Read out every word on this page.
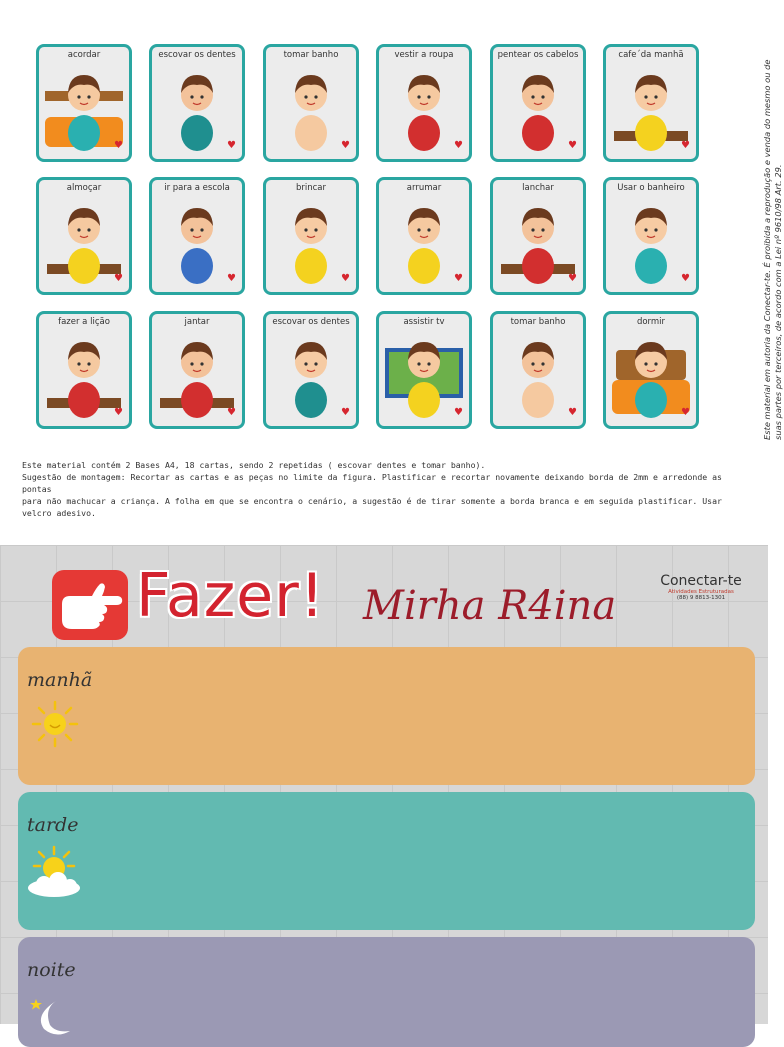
acordar
♥
escovar os dentes
♥
tomar banho
♥
vestir a roupa
♥
pentear os cabelos
♥
cafe´da manhã
♥
almoçar
♥
ir para a escola
♥
brincar
♥
arrumar
♥
lanchar
♥
Usar o banheiro
♥
fazer a lição
♥
jantar
♥
escovar os dentes
♥
assistir tv
♥
tomar banho
♥
dormir
♥

Este material contém 2 Bases A4, 18 cartas, sendo 2 repetidas ( escovar dentes e tomar banho).

Sugestão de montagem: Recortar as cartas e as peças no limite da figura. Plastificar e recortar novamente deixando borda de 2mm e arredonde as pontas

para não machucar a criança. A folha em que se encontra o cenário, a sugestão é de tirar somente a borda branca e em seguida plastificar. Usar velcro adesivo.

Este material em autoria da Conectar-te. É proibida a reprodução e venda do mesmo ou de suas partes por terceiros, de acordo com a Lei nº 9610/98 Art. 29.
Fazer! Mirha R4ina
Conectar-te
Atividades Estruturadas
(88) 9 8813-1301
manhã
tarde
noite
